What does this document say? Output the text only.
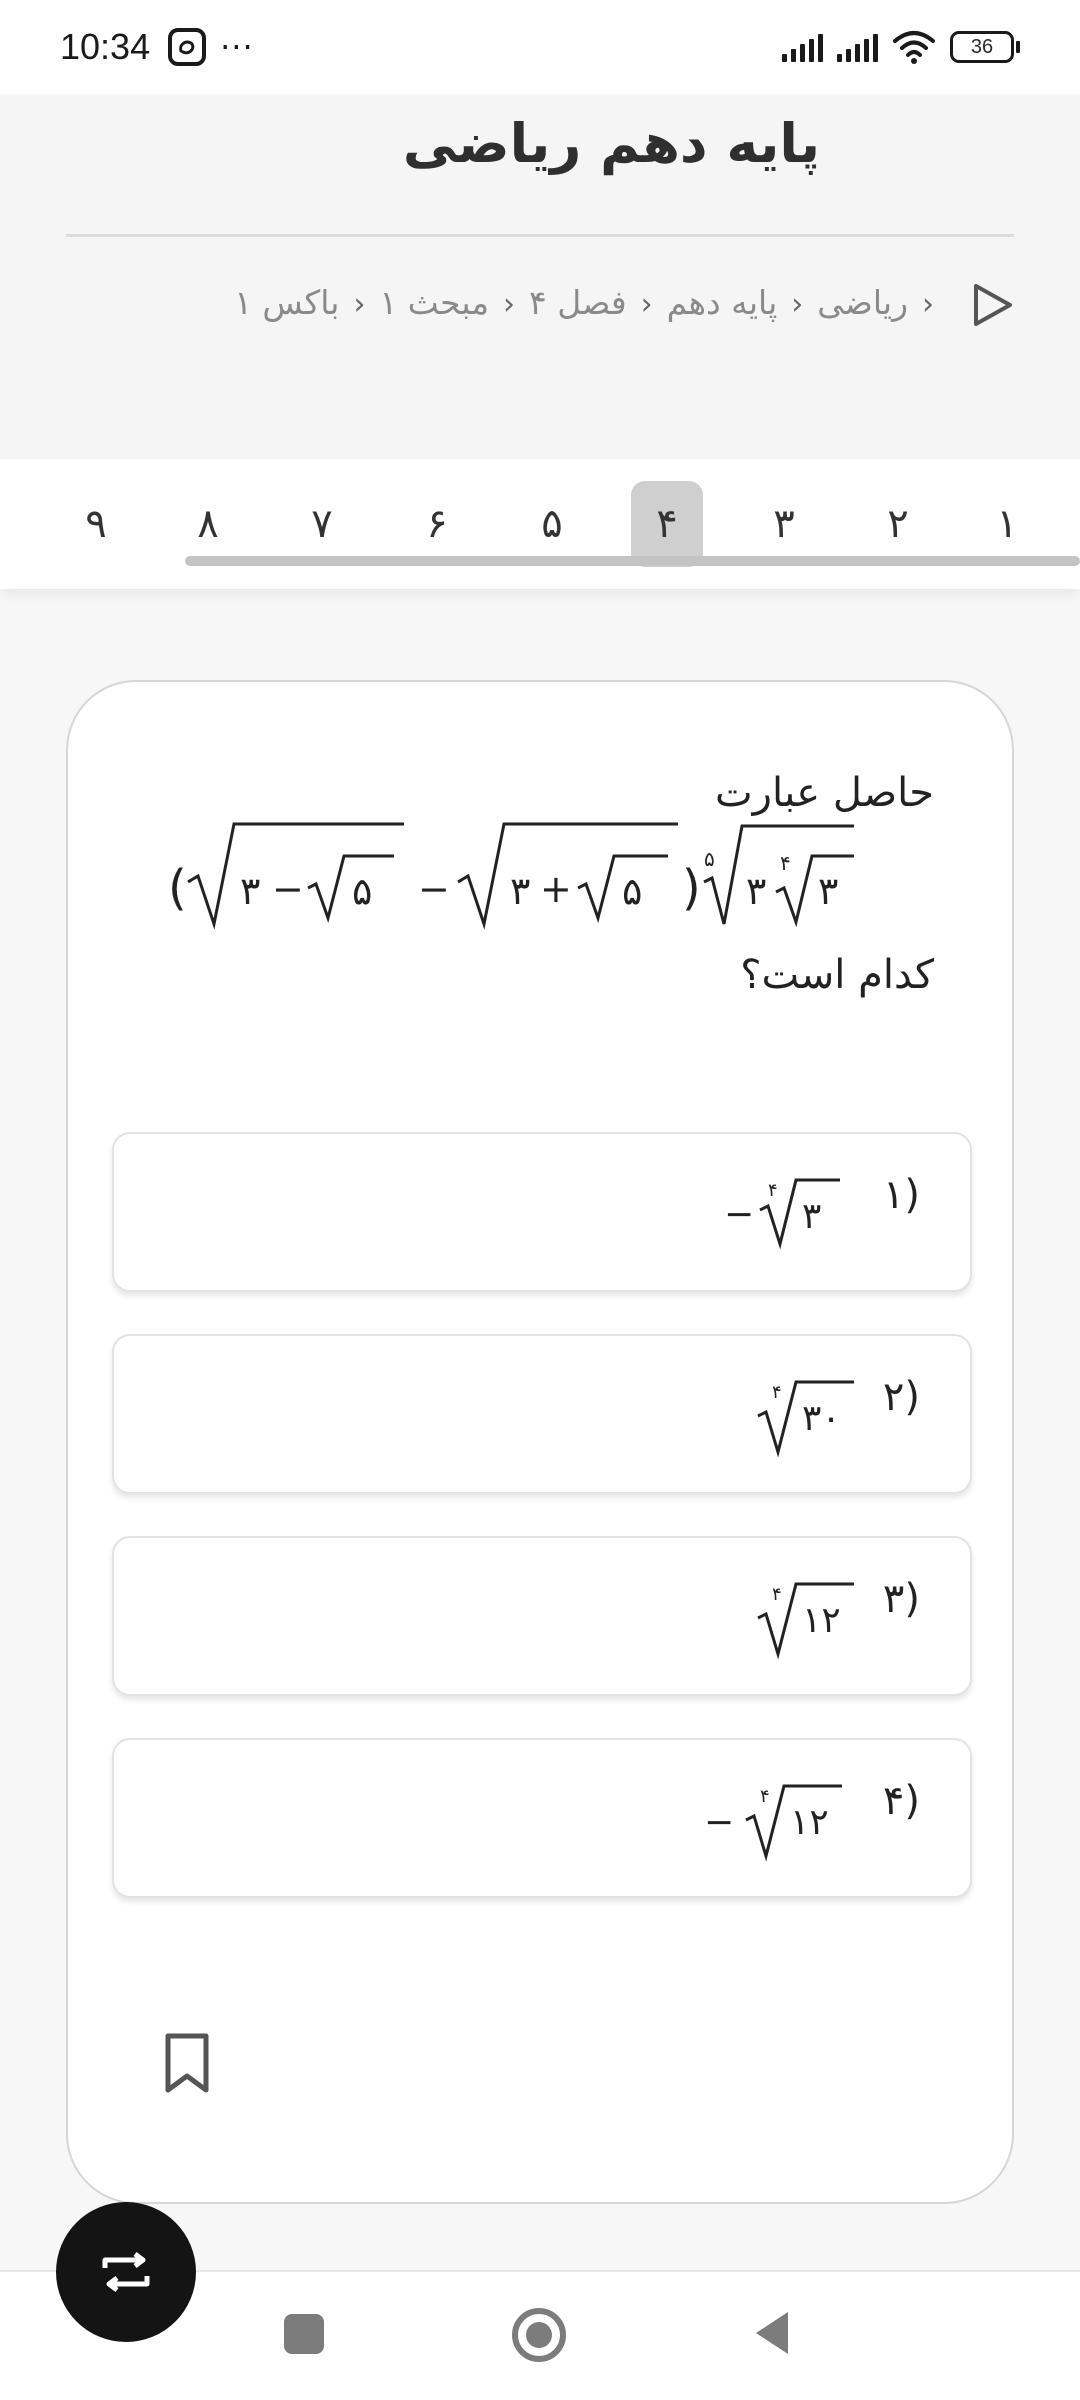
10:34 ···	36
پایه دهم ریاضی
‹ریاضی‹پایه دهم‹فصل ۴‹مبحث ۱‹باکس ۱
۱
۲
۳
۴
۵
۶
۷
۸
۹
حاصل عبارت
( ۳ − ۵ − ۳ + ۵ )
۵
۳
۴
۳
کدام است؟
۱)
−
۴
۳
۲)
۴
۳۰
۳)
۴
۱۲
۴)
−
۴
۱۲
